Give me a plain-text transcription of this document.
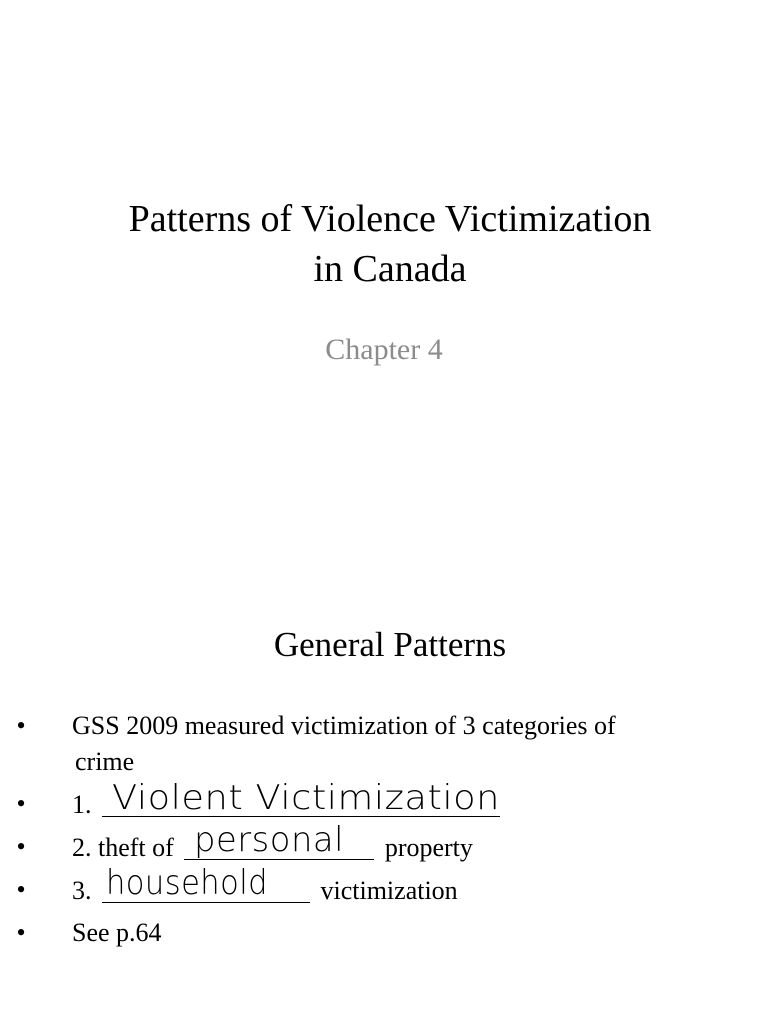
Patterns of Violence Victimization
in Canada
Chapter 4
General Patterns
• GSS 2009 measured victimization of 3 categories of
crime
• 1. Violent Victimization
• 2. theft of personal property
• 3. household victimization
• See p.64
